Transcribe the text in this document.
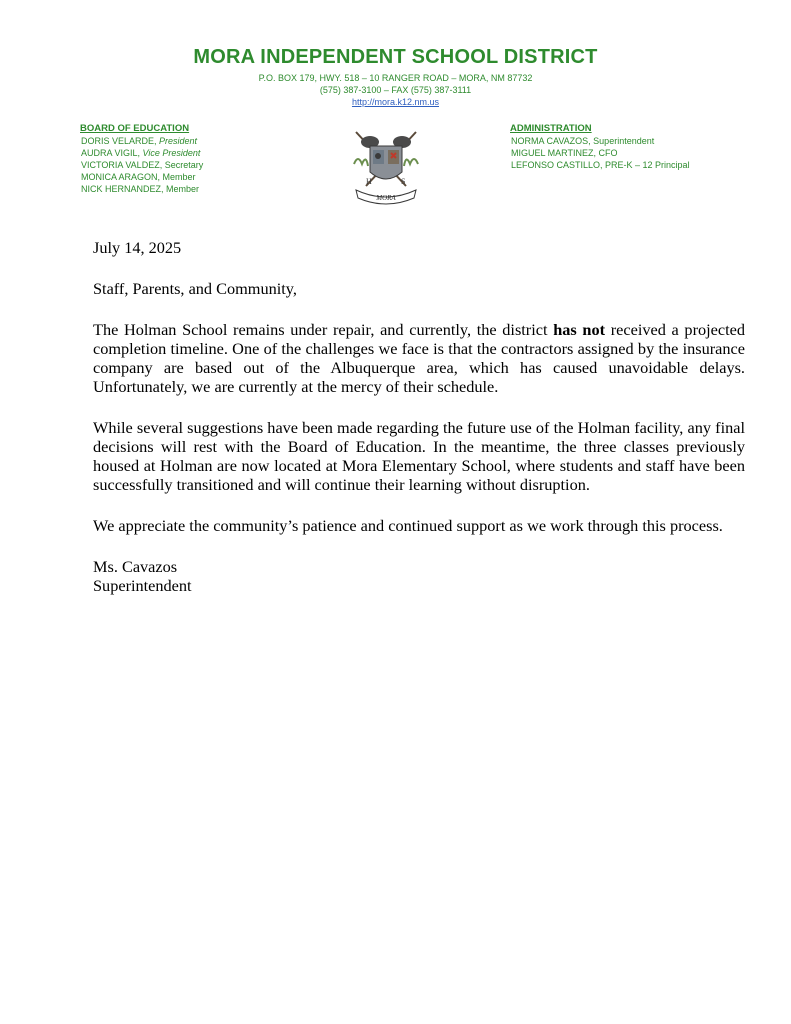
MORA INDEPENDENT SCHOOL DISTRICT
P.O. BOX 179, HWY. 518 – 10 RANGER ROAD – MORA, NM 87732
(575) 387-3100 – FAX (575) 387-3111
http://mora.k12.nm.us
BOARD OF EDUCATION
DORIS VELARDE, President
AUDRA VIGIL, Vice President
VICTORIA VALDEZ, Secretary
MONICA ARAGON, Member
NICK HERNANDEZ, Member
H	S
MORA
ADMINISTRATION
NORMA CAVAZOS, Superintendent
MIGUEL MARTINEZ, CFO
LEFONSO CASTILLO, PRE-K – 12 Principal

July 14, 2025

Staff, Parents, and Community,

The Holman School remains under repair, and currently, the district has not received a projected completion timeline. One of the challenges we face is that the contractors assigned by the insurance company are based out of the Albuquerque area, which has caused unavoidable delays. Unfortunately, we are currently at the mercy of their schedule.

While several suggestions have been made regarding the future use of the Holman facility, any final decisions will rest with the Board of Education. In the meantime, the three classes previously housed at Holman are now located at Mora Elementary School, where students and staff have been successfully transitioned and will continue their learning without disruption.

We appreciate the community’s patience and continued support as we work through this process.

Ms. Cavazos

Superintendent
